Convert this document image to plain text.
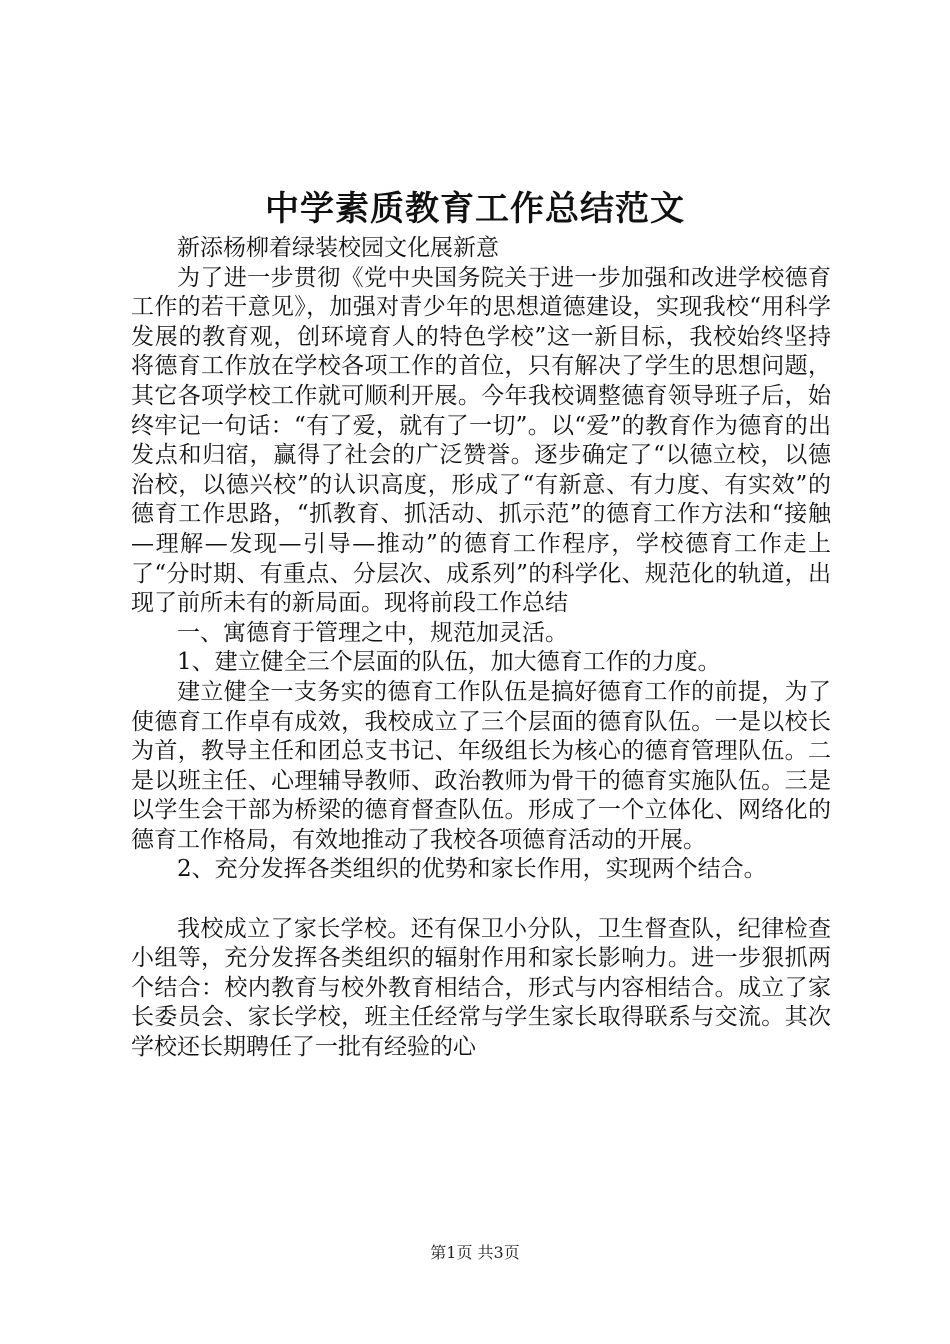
中学素质教育工作总结范文

新添杨柳着绿装校园文化展新意

为了进一步贯彻《党中央国务院关于进一步加强和改进学校德育工作的若干意见》，加强对青少年的思想道德建设，实现我校“用科学发展的教育观，创环境育人的特色学校”这一新目标，我校始终坚持将德育工作放在学校各项工作的首位，只有解决了学生的思想问题，其它各项学校工作就可顺利开展。今年我校调整德育领导班子后，始终牢记一句话：“有了爱，就有了一切”。以“爱”的教育作为德育的出发点和归宿，赢得了社会的广泛赞誉。逐步确定了“以德立校，以德治校，以德兴校”的认识高度，形成了“有新意、有力度、有实效”的德育工作思路，“抓教育、抓活动、抓示范”的德育工作方法和“接触—理解—发现—引导—推动”的德育工作程序，学校德育工作走上了“分时期、有重点、分层次、成系列”的科学化、规范化的轨道，出现了前所未有的新局面。现将前段工作总结

一、寓德育于管理之中，规范加灵活。

1、建立健全三个层面的队伍，加大德育工作的力度。

建立健全一支务实的德育工作队伍是搞好德育工作的前提，为了使德育工作卓有成效，我校成立了三个层面的德育队伍。一是以校长为首，教导主任和团总支书记、年级组长为核心的德育管理队伍。二是以班主任、心理辅导教师、政治教师为骨干的德育实施队伍。三是以学生会干部为桥梁的德育督查队伍。形成了一个立体化、网络化的德育工作格局，有效地推动了我校各项德育活动的开展。

2、充分发挥各类组织的优势和家长作用，实现两个结合。

我校成立了家长学校。还有保卫小分队，卫生督查队，纪律检查小组等，充分发挥各类组织的辐射作用和家长影响力。进一步狠抓两个结合：校内教育与校外教育相结合，形式与内容相结合。成立了家长委员会、家长学校，班主任经常与学生家长取得联系与交流。其次学校还长期聘任了一批有经验的心

第1页 共3页
